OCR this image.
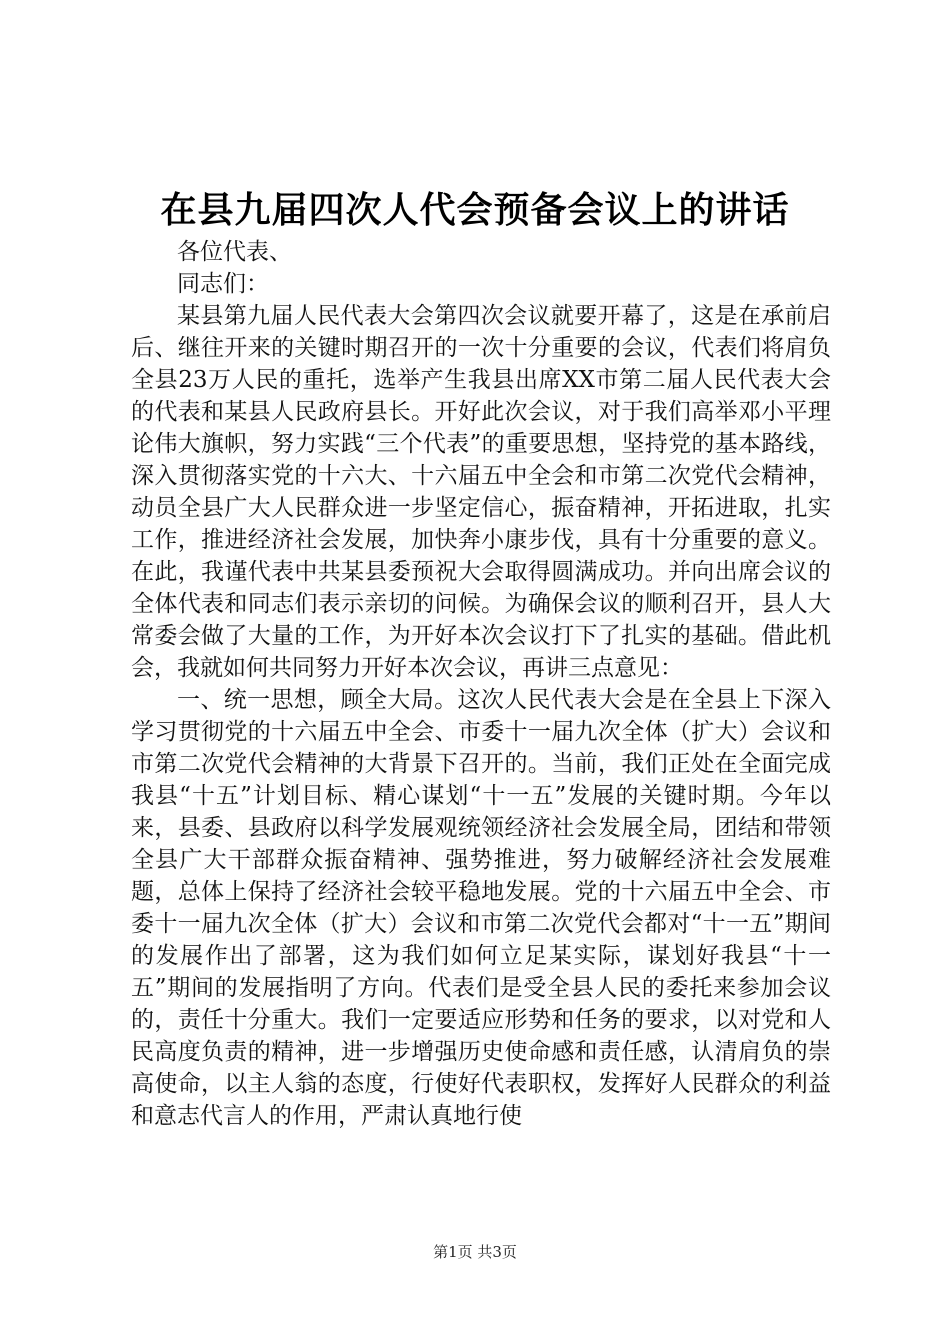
在县九届四次人代会预备会议上的讲话

各位代表、

同志们：

某县第九届人民代表大会第四次会议就要开幕了，这是在承前启后、继往开来的关键时期召开的一次十分重要的会议，代表们将肩负全县23万人民的重托，选举产生我县出席XX市第二届人民代表大会的代表和某县人民政府县长。开好此次会议，对于我们高举邓小平理论伟大旗帜，努力实践“三个代表”的重要思想，坚持党的基本路线，深入贯彻落实党的十六大、十六届五中全会和市第二次党代会精神，动员全县广大人民群众进一步坚定信心，振奋精神，开拓进取，扎实工作，推进经济社会发展，加快奔小康步伐，具有十分重要的意义。在此，我谨代表中共某县委预祝大会取得圆满成功。并向出席会议的全体代表和同志们表示亲切的问候。为确保会议的顺利召开，县人大常委会做了大量的工作，为开好本次会议打下了扎实的基础。借此机会，我就如何共同努力开好本次会议，再讲三点意见：

一、统一思想，顾全大局。这次人民代表大会是在全县上下深入学习贯彻党的十六届五中全会、市委十一届九次全体（扩大）会议和市第二次党代会精神的大背景下召开的。当前，我们正处在全面完成我县“十五”计划目标、精心谋划“十一五”发展的关键时期。今年以来，县委、县政府以科学发展观统领经济社会发展全局，团结和带领全县广大干部群众振奋精神、强势推进，努力破解经济社会发展难题，总体上保持了经济社会较平稳地发展。党的十六届五中全会、市委十一届九次全体（扩大）会议和市第二次党代会都对“十一五”期间的发展作出了部署，这为我们如何立足某实际，谋划好我县“十一五”期间的发展指明了方向。代表们是受全县人民的委托来参加会议的，责任十分重大。我们一定要适应形势和任务的要求，以对党和人民高度负责的精神，进一步增强历史使命感和责任感，认清肩负的崇高使命，以主人翁的态度，行使好代表职权，发挥好人民群众的利益和意志代言人的作用，严肃认真地行使

第1页 共3页
